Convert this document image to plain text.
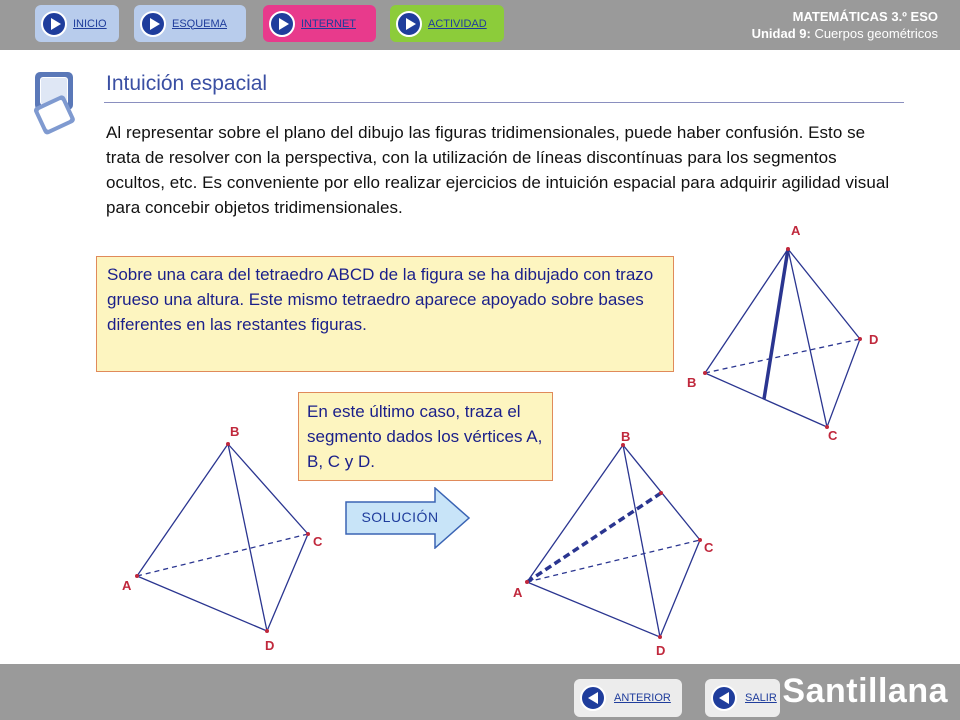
INICIO	ESQUEMA	INTERNET	ACTIVIDAD	MATEMÁTICAS 3.º ESO
Unidad 9: Cuerpos geométricos
Intuición espacial
Al representar sobre el plano del dibujo las figuras tridimensionales, puede haber confusión. Esto se trata de resolver con la perspectiva, con la utilización de líneas discontínuas para los segmentos ocultos, etc. Es conveniente por ello realizar ejercicios de intuición espacial para adquirir agilidad visual para concebir objetos tridimensionales.
Sobre una cara del tetraedro ABCD de la figura se ha dibujado con trazo grueso una altura. Este mismo tetraedro aparece apoyado sobre bases diferentes en las restantes figuras.
En este último caso, traza el segmento dados los vértices A, B, C y D.
A
B
D
C
B
A
C
D
SOLUCIÓN
B
A
C
D
ANTERIOR	SALIR Santillana
